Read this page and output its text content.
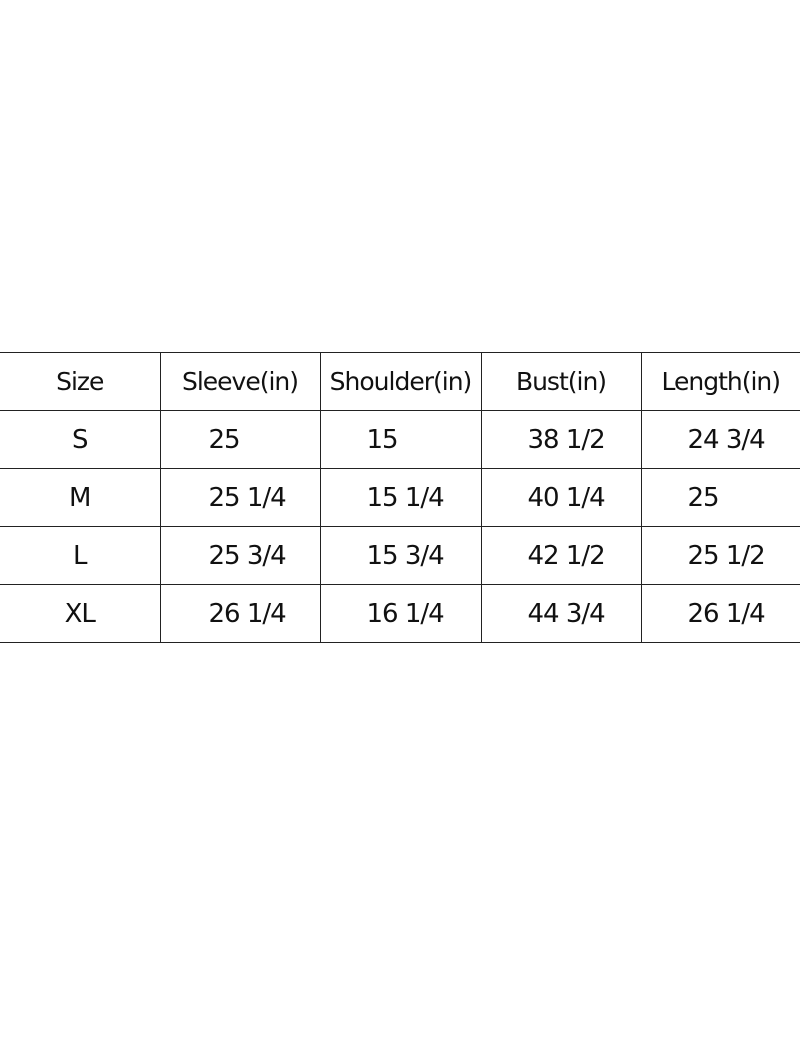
Size	Sleeve(in)	Shoulder(in)	Bust(in)	Length(in)
S	25	15	38 1/2	24 3/4
M	25 1/4	15 1/4	40 1/4	25
L	25 3/4	15 3/4	42 1/2	25 1/2
XL	26 1/4	16 1/4	44 3/4	26 1/4
